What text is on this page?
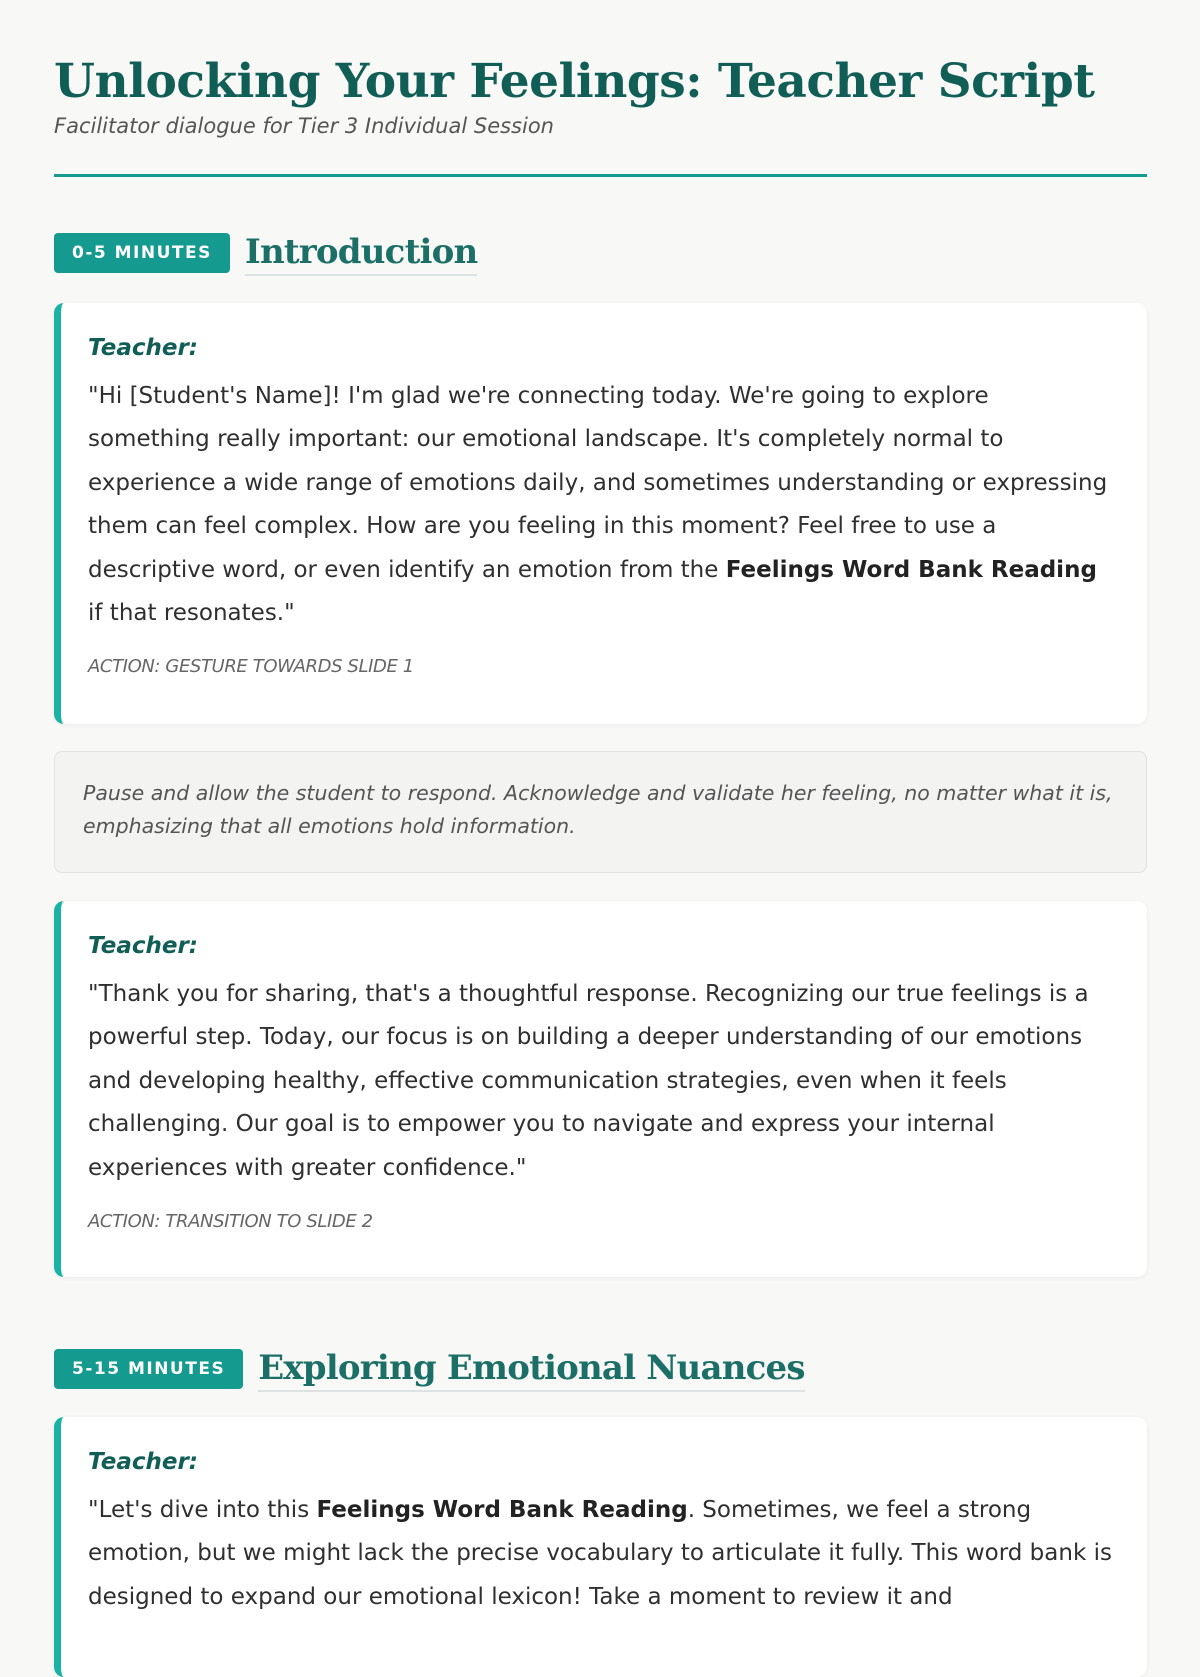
Unlocking Your Feelings: Teacher Script

Facilitator dialogue for Tier 3 Individual Session

0-5 MINUTES Introduction

Teacher:

"Hi [Student's Name]! I'm glad we're connecting today. We're going to explore something really important: our emotional landscape. It's completely normal to experience a wide range of emotions daily, and sometimes understanding or expressing them can feel complex. How are you feeling in this moment? Feel free to use a descriptive word, or even identify an emotion from the Feelings Word Bank Reading if that resonates."

ACTION: GESTURE TOWARDS SLIDE 1

Pause and allow the student to respond. Acknowledge and validate her feeling, no matter what it is, emphasizing that all emotions hold information.

Teacher:

"Thank you for sharing, that's a thoughtful response. Recognizing our true feelings is a powerful step. Today, our focus is on building a deeper understanding of our emotions and developing healthy, effective communication strategies, even when it feels challenging. Our goal is to empower you to navigate and express your internal experiences with greater confidence."

ACTION: TRANSITION TO SLIDE 2

5-15 MINUTES Exploring Emotional Nuances

Teacher:

"Let's dive into this Feelings Word Bank Reading. Sometimes, we feel a strong emotion, but we might lack the precise vocabulary to articulate it fully. This word bank is designed to expand our emotional lexicon! Take a moment to review it and
